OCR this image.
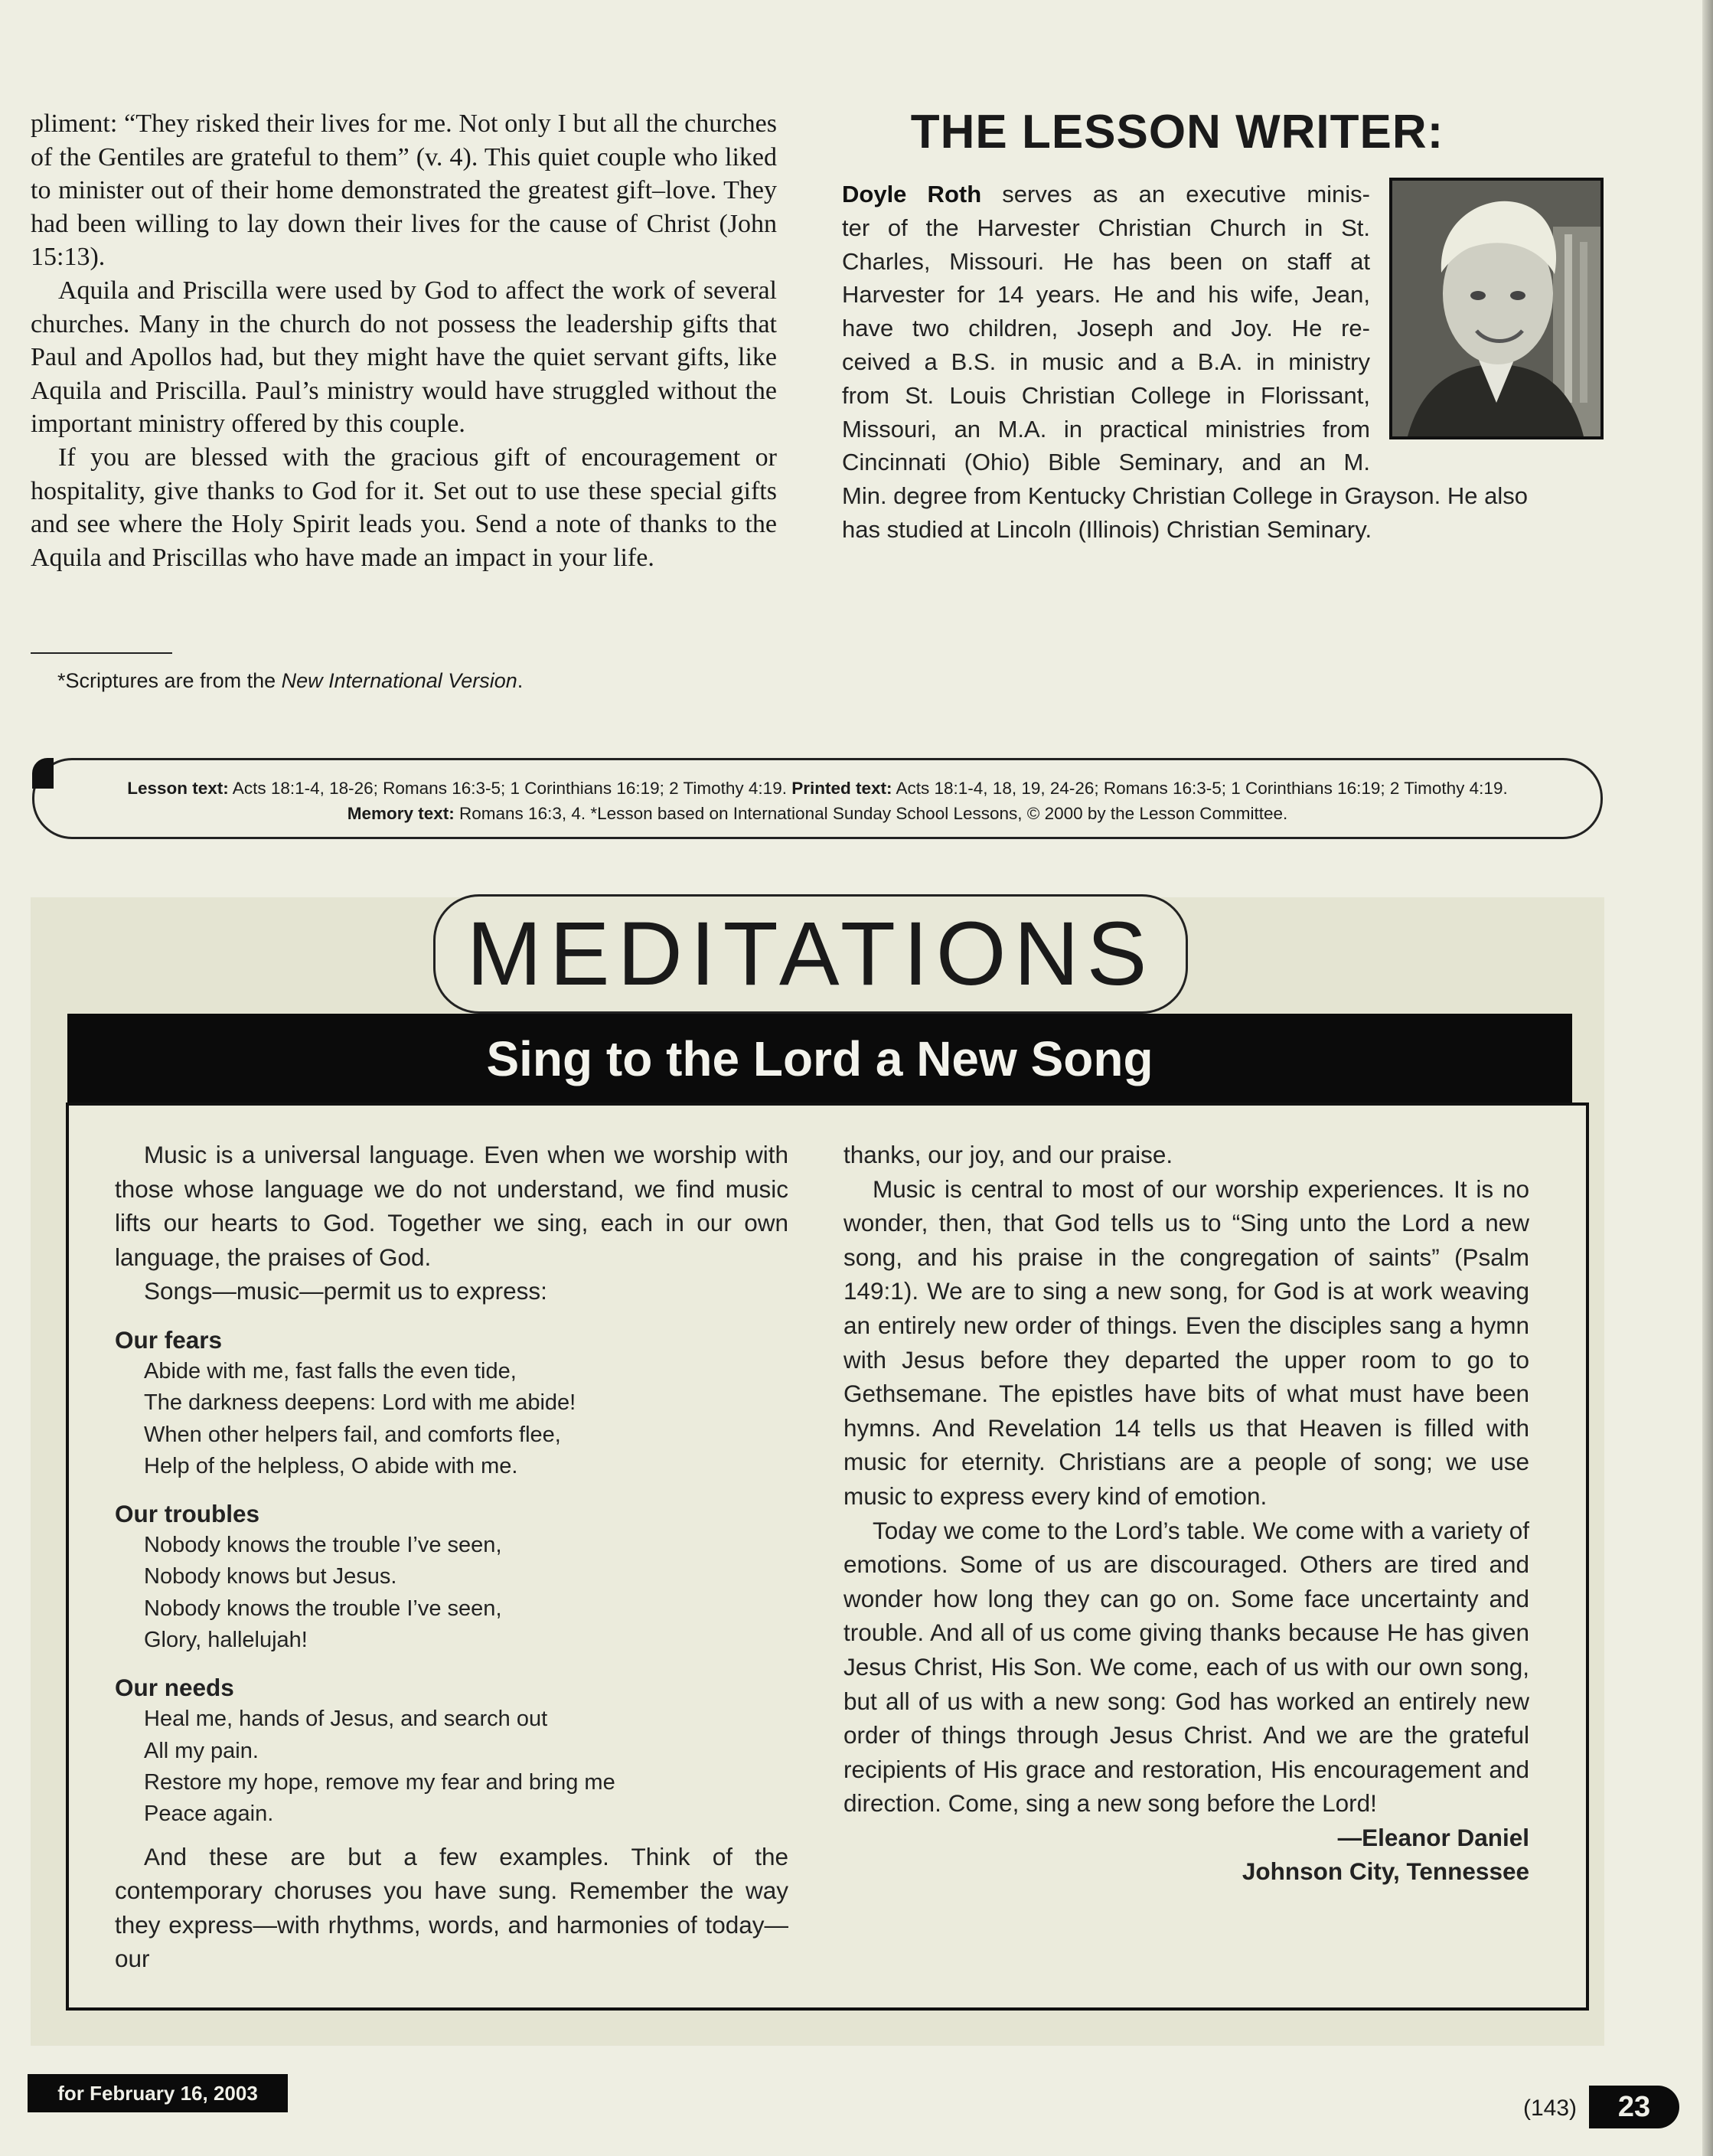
pliment: “They risked their lives for me. Not only I but all the churches of the Gentiles are grateful to them” (v. 4). This quiet couple who liked to minister out of their home demonstrated the greatest gift–love. They had been willing to lay down their lives for the cause of Christ (John 15:13).

Aquila and Priscilla were used by God to affect the work of several churches. Many in the church do not possess the leadership gifts that Paul and Apollos had, but they might have the quiet servant gifts, like Aquila and Priscilla. Paul’s ministry would have struggled without the important ministry offered by this couple.

If you are blessed with the gracious gift of encouragement or hospitality, give thanks to God for it. Set out to use these special gifts and see where the Holy Spirit leads you. Send a note of thanks to the Aquila and Priscillas who have made an impact in your life.

*Scriptures are from the New International Version.
THE LESSON WRITER:
Doyle Roth serves as an executive minis-
ter of the Harvester Christian Church in St.
Charles, Missouri. He has been on staff at
Harvester for 14 years. He and his wife, Jean,
have two children, Joseph and Joy. He re-
ceived a B.S. in music and a B.A. in ministry
from St. Louis Christian College in Florissant,
Missouri, an M.A. in practical ministries from
Cincinnati (Ohio) Bible Seminary, and an M.
Min. degree from Kentucky Christian College in Grayson. He also
has studied at Lincoln (Illinois) Christian Seminary.
Lesson text: Acts 18:1-4, 18-26; Romans 16:3-5; 1 Corinthians 16:19; 2 Timothy 4:19. Printed text: Acts 18:1-4, 18, 19, 24-26; Romans 16:3-5; 1 Corinthians 16:19; 2 Timothy 4:19.
Memory text: Romans 16:3, 4. *Lesson based on International Sunday School Lessons, © 2000 by the Lesson Committee.
MEDITATIONS
Sing to the Lord a New Song

Music is a universal language. Even when we worship with those whose language we do not understand, we find music lifts our hearts to God. Together we sing, each in our own language, the praises of God.

Songs—music—permit us to express:

Our fears
Abide with me, fast falls the even tide,
The darkness deepens: Lord with me abide!
When other helpers fail, and comforts flee,
Help of the helpless, O abide with me.
Our troubles
Nobody knows the trouble I’ve seen,
Nobody knows but Jesus.
Nobody knows the trouble I’ve seen,
Glory, hallelujah!
Our needs
Heal me, hands of Jesus, and search out
All my pain.
Restore my hope, remove my fear and bring me
Peace again.

And these are but a few examples. Think of the contemporary choruses you have sung. Remember the way they express—with rhythms, words, and harmonies of today—our

thanks, our joy, and our praise.

Music is central to most of our worship experiences. It is no wonder, then, that God tells us to “Sing unto the Lord a new song, and his praise in the congregation of saints” (Psalm 149:1). We are to sing a new song, for God is at work weaving an entirely new order of things. Even the disciples sang a hymn with Jesus before they departed the upper room to go to Gethsemane. The epistles have bits of what must have been hymns. And Revelation 14 tells us that Heaven is filled with music for eternity. Christians are a people of song; we use music to express every kind of emotion.

Today we come to the Lord’s table. We come with a variety of emotions. Some of us are discouraged. Others are tired and wonder how long they can go on. Some face uncertainty and trouble. And all of us come giving thanks because He has given Jesus Christ, His Son. We come, each of us with our own song, but all of us with a new song: God has worked an entirely new order of things through Jesus Christ. And we are the grateful recipients of His grace and restoration, His encouragement and direction. Come, sing a new song before the Lord!

—Eleanor Daniel
Johnson City, Tennessee
for February 16, 2003
(143)	23
